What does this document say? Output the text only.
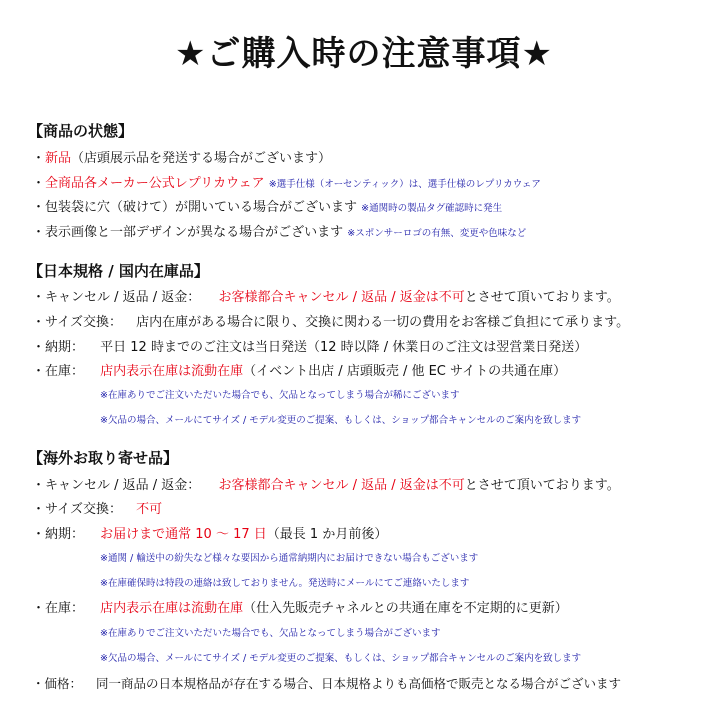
★ご購入時の注意事項★
【商品の状態】
・新品（店頭展示品を発送する場合がございます）
・全商品各メーカー公式レプリカウェア ※選手仕様（オーセンティック）は、選手仕様のレプリカウェア
・包装袋に穴（破けて）が開いている場合がございます ※通関時の製品タグ確認時に発生
・表示画像と一部デザインが異なる場合がございます ※スポンサーロゴの有無、変更や色味など
【日本規格 / 国内在庫品】
・キャンセル / 返品 / 返金： お客様都合キャンセル / 返品 / 返金は不可とさせて頂いております。
・サイズ交換： 店内在庫がある場合に限り、交換に関わる一切の費用をお客様ご負担にて承ります。
・納期： 平日 12 時までのご注文は当日発送（12 時以降 / 休業日のご注文は翌営業日発送）
・在庫： 店内表示在庫は流動在庫（イベント出店 / 店頭販売 / 他 EC サイトの共通在庫）
※在庫ありでご注文いただいた場合でも、欠品となってしまう場合が稀にございます
※欠品の場合、メールにてサイズ / モデル変更のご提案、もしくは、ショップ都合キャンセルのご案内を致します
【海外お取り寄せ品】
・キャンセル / 返品 / 返金： お客様都合キャンセル / 返品 / 返金は不可とさせて頂いております。
・サイズ交換： 不可
・納期： お届けまで通常 10 ～ 17 日（最長 1 か月前後）
※通関 / 輸送中の紛失など様々な要因から通常納期内にお届けできない場合もございます
※在庫確保時は特段の連絡は致しておりません。発送時にメールにてご連絡いたします
・在庫： 店内表示在庫は流動在庫（仕入先販売チャネルとの共通在庫を不定期的に更新）
※在庫ありでご注文いただいた場合でも、欠品となってしまう場合がございます
※欠品の場合、メールにてサイズ / モデル変更のご提案、もしくは、ショップ都合キャンセルのご案内を致します
・価格： 同一商品の日本規格品が存在する場合、日本規格よりも高価格で販売となる場合がございます
